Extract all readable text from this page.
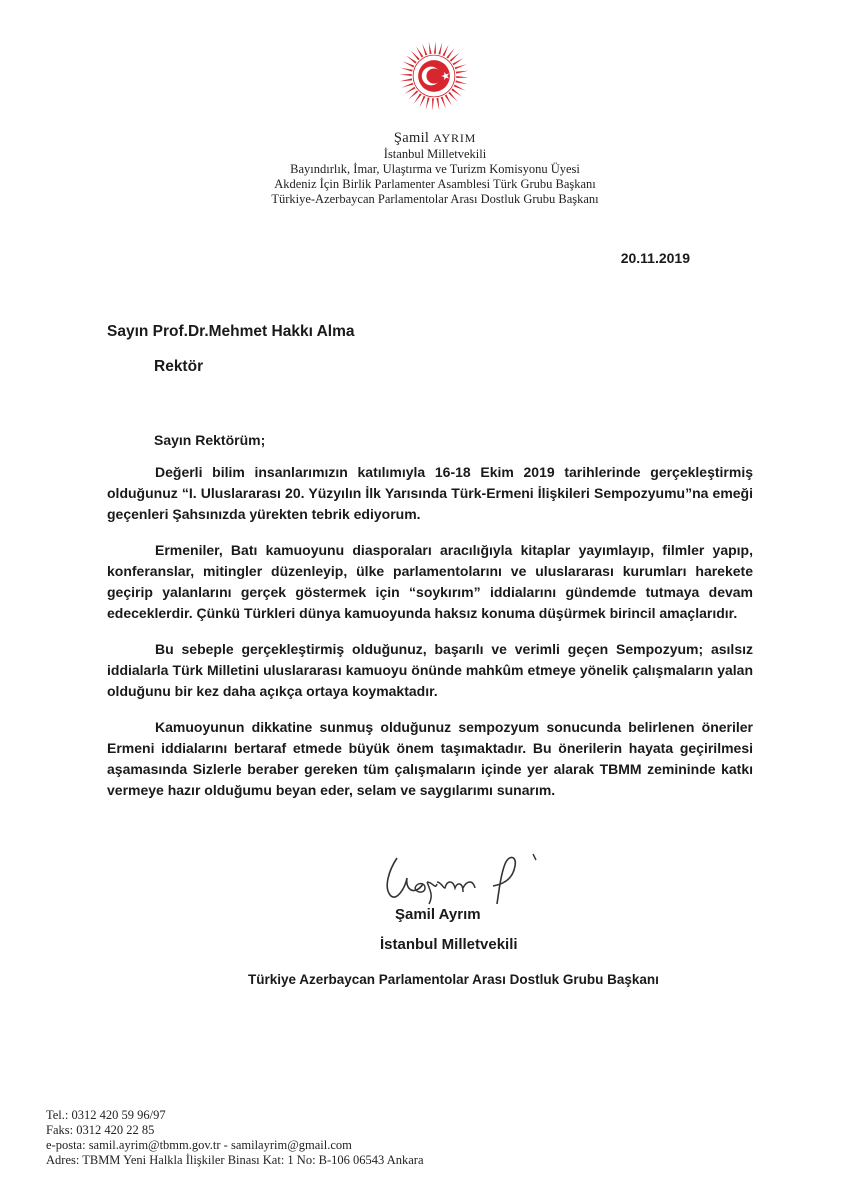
Şamil AYRIM
İstanbul Milletvekili
Bayındırlık, İmar, Ulaştırma ve Turizm Komisyonu Üyesi
Akdeniz İçin Birlik Parlamenter Asamblesi Türk Grubu Başkanı
Türkiye-Azerbaycan Parlamentolar Arası Dostluk Grubu Başkanı
20.11.2019
Sayın Prof.Dr.Mehmet Hakkı Alma
Rektör
Sayın Rektörüm;

Değerli bilim insanlarımızın katılımıyla 16-18 Ekim 2019 tarihlerinde gerçekleştirmiş olduğunuz “I. Uluslararası 20. Yüzyılın İlk Yarısında Türk-Ermeni İlişkileri Sempozyumu”na emeği geçenleri Şahsınızda yürekten tebrik ediyorum.

Ermeniler, Batı kamuoyunu diasporaları aracılığıyla kitaplar yayımlayıp, filmler yapıp, konferanslar, mitingler düzenleyip, ülke parlamentolarını ve uluslararası kurumları harekete geçirip yalanlarını gerçek göstermek için “soykırım” iddialarını gündemde tutmaya devam edeceklerdir. Çünkü Türkleri dünya kamuoyunda haksız konuma düşürmek birincil amaçlarıdır.

Bu sebeple gerçekleştirmiş olduğunuz, başarılı ve verimli geçen Sempozyum; asılsız iddialarla Türk Milletini uluslararası kamuoyu önünde mahkûm etmeye yönelik çalışmaların yalan olduğunu bir kez daha açıkça ortaya koymaktadır.

Kamuoyunun dikkatine sunmuş olduğunuz sempozyum sonucunda belirlenen öneriler Ermeni iddialarını bertaraf etmede büyük önem taşımaktadır. Bu önerilerin hayata geçirilmesi aşamasında Sizlerle beraber gereken tüm çalışmaların içinde yer alarak TBMM zemininde katkı vermeye hazır olduğumu beyan eder, selam ve saygılarımı sunarım.

Şamil Ayrım
İstanbul Milletvekili
Türkiye Azerbaycan Parlamentolar Arası Dostluk Grubu Başkanı
Tel.: 0312 420 59 96/97
Faks: 0312 420 22 85
e-posta: samil.ayrim@tbmm.gov.tr - samilayrim@gmail.com
Adres: TBMM Yeni Halkla İlişkiler Binası Kat: 1 No: B-106 06543 Ankara
